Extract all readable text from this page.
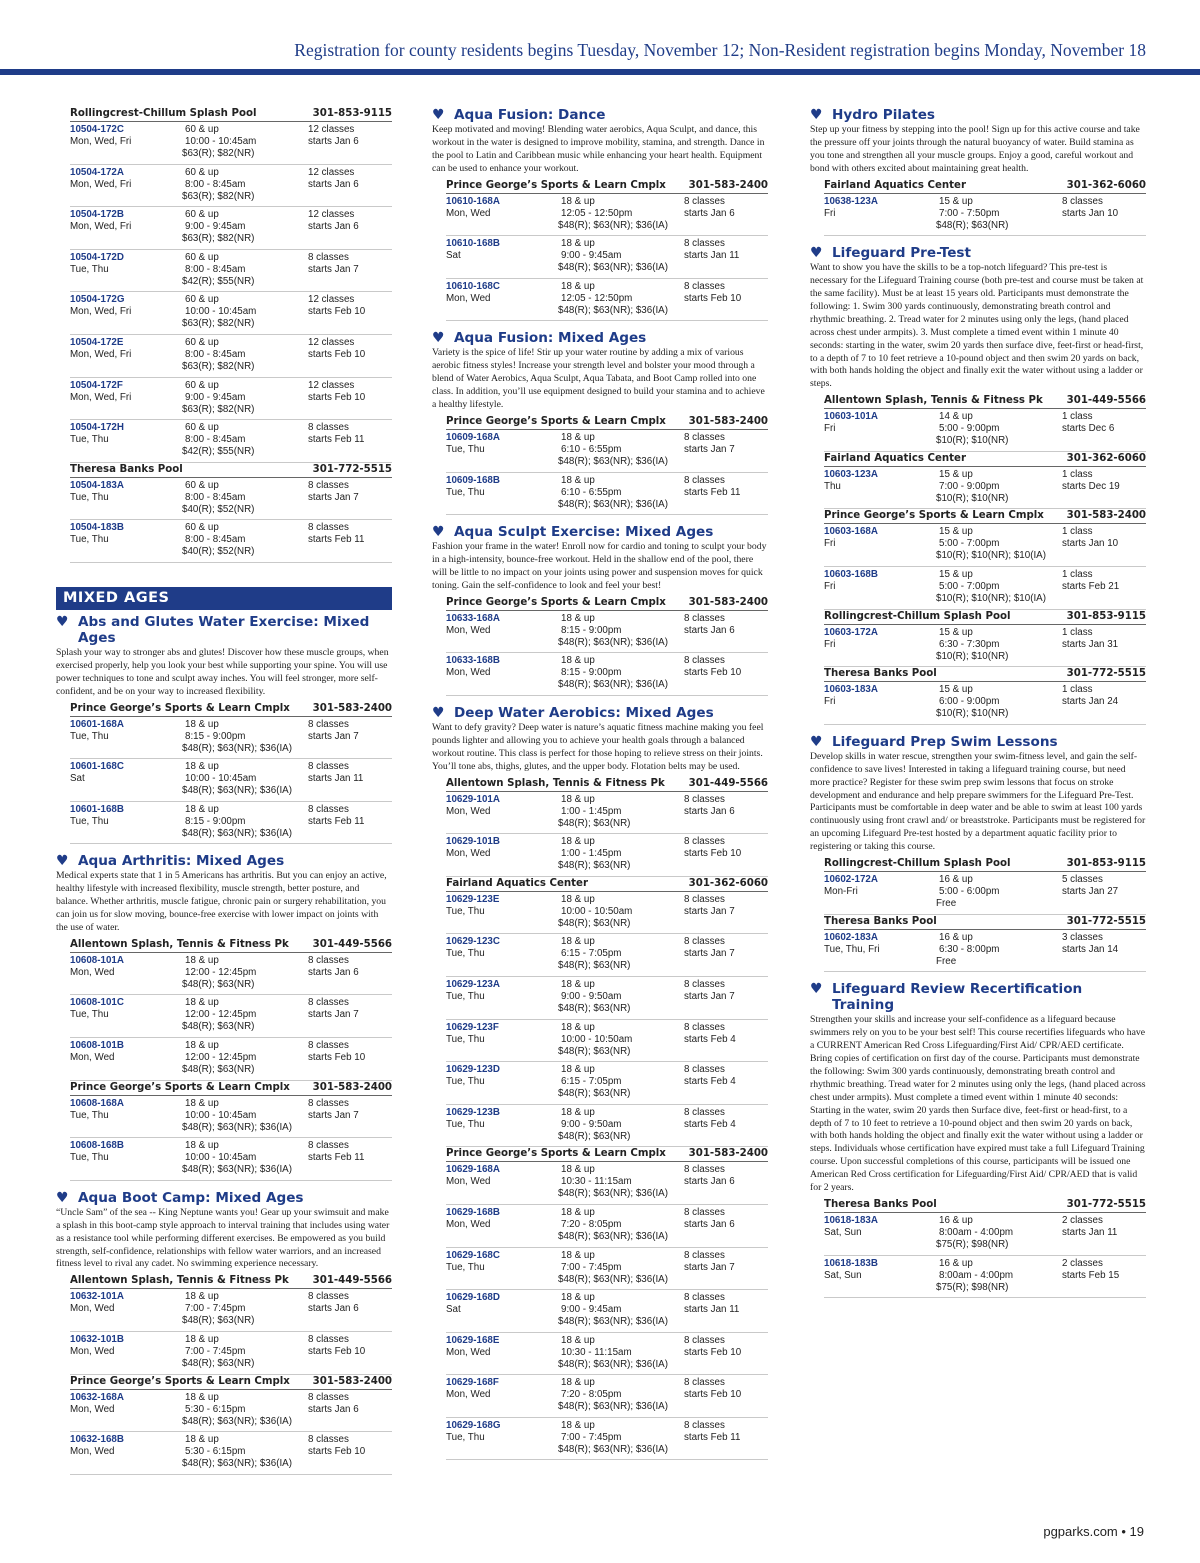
Registration for county residents begins Tuesday, November 12; Non-Resident registration begins Monday, November 18
Rollingcrest-Chillum Splash Pool	301-853-9115
10504-172C
Mon, Wed, Fri
60 & up
10:00 - 10:45am
$63(R); $82(NR)
12 classes
starts Jan 6
10504-172A
Mon, Wed, Fri
60 & up
8:00 - 8:45am
$63(R); $82(NR)
12 classes
starts Jan 6
10504-172B
Mon, Wed, Fri
60 & up
9:00 - 9:45am
$63(R); $82(NR)
12 classes
starts Jan 6
10504-172D
Tue, Thu
60 & up
8:00 - 8:45am
$42(R); $55(NR)
8 classes
starts Jan 7
10504-172G
Mon, Wed, Fri
60 & up
10:00 - 10:45am
$63(R); $82(NR)
12 classes
starts Feb 10
10504-172E
Mon, Wed, Fri
60 & up
8:00 - 8:45am
$63(R); $82(NR)
12 classes
starts Feb 10
10504-172F
Mon, Wed, Fri
60 & up
9:00 - 9:45am
$63(R); $82(NR)
12 classes
starts Feb 10
10504-172H
Tue, Thu
60 & up
8:00 - 8:45am
$42(R); $55(NR)
8 classes
starts Feb 11
Theresa Banks Pool	301-772-5515
10504-183A
Tue, Thu
60 & up
8:00 - 8:45am
$40(R); $52(NR)
8 classes
starts Jan 7
10504-183B
Tue, Thu
60 & up
8:00 - 8:45am
$40(R); $52(NR)
8 classes
starts Feb 11
MIXED AGES
♥ Abs and Glutes Water Exercise: Mixed Ages
Splash your way to stronger abs and glutes! Discover how these muscle groups, when exercised properly, help you look your best while supporting your spine. You will use power techniques to tone and sculpt away inches. You will feel stronger, more self-confident, and be on your way to increased flexibility.
Prince George’s Sports & Learn Cmplx 301-583-2400
10601-168A
Tue, Thu
18 & up
8:15 - 9:00pm
$48(R); $63(NR); $36(IA)
8 classes
starts Jan 7
10601-168C
Sat
18 & up
10:00 - 10:45am
$48(R); $63(NR); $36(IA)
8 classes
starts Jan 11
10601-168B
Tue, Thu
18 & up
8:15 - 9:00pm
$48(R); $63(NR); $36(IA)
8 classes
starts Feb 11
♥ Aqua Arthritis: Mixed Ages
Medical experts state that 1 in 5 Americans has arthritis. But you can enjoy an active, healthy lifestyle with increased flexibility, muscle strength, better posture, and balance. Whether arthritis, muscle fatigue, chronic pain or surgery rehabilitation, you can join us for slow moving, bounce-free exercise with lower impact on joints with the use of water.
Allentown Splash, Tennis & Fitness Pk 301-449-5566
10608-101A
Mon, Wed
18 & up
12:00 - 12:45pm
$48(R); $63(NR)
8 classes
starts Jan 6
10608-101C
Tue, Thu
18 & up
12:00 - 12:45pm
$48(R); $63(NR)
8 classes
starts Jan 7
10608-101B
Mon, Wed
18 & up
12:00 - 12:45pm
$48(R); $63(NR)
8 classes
starts Feb 10
Prince George’s Sports & Learn Cmplx 301-583-2400
10608-168A
Tue, Thu
18 & up
10:00 - 10:45am
$48(R); $63(NR); $36(IA)
8 classes
starts Jan 7
10608-168B
Tue, Thu
18 & up
10:00 - 10:45am
$48(R); $63(NR); $36(IA)
8 classes
starts Feb 11
♥ Aqua Boot Camp: Mixed Ages
“Uncle Sam” of the sea -- King Neptune wants you! Gear up your swimsuit and make a splash in this boot-camp style approach to interval training that includes using water as a resistance tool while performing different exercises. Be empowered as you build strength, self-confidence, relationships with fellow water warriors, and an increased fitness level to rival any cadet. No swimming experience necessary.
Allentown Splash, Tennis & Fitness Pk 301-449-5566
10632-101A
Mon, Wed
18 & up
7:00 - 7:45pm
$48(R); $63(NR)
8 classes
starts Jan 6
10632-101B
Mon, Wed
18 & up
7:00 - 7:45pm
$48(R); $63(NR)
8 classes
starts Feb 10
Prince George’s Sports & Learn Cmplx 301-583-2400
10632-168A
Mon, Wed
18 & up
5:30 - 6:15pm
$48(R); $63(NR); $36(IA)
8 classes
starts Jan 6
10632-168B
Mon, Wed
18 & up
5:30 - 6:15pm
$48(R); $63(NR); $36(IA)
8 classes
starts Feb 10
♥ Aqua Fusion: Dance
Keep motivated and moving! Blending water aerobics, Aqua Sculpt, and dance, this workout in the water is designed to improve mobility, stamina, and strength. Dance in the pool to Latin and Caribbean music while enhancing your heart health. Equipment can be used to enhance your workout.
Prince George’s Sports & Learn Cmplx 301-583-2400
10610-168A
Mon, Wed
18 & up
12:05 - 12:50pm
$48(R); $63(NR); $36(IA)
8 classes
starts Jan 6
10610-168B
Sat
18 & up
9:00 - 9:45am
$48(R); $63(NR); $36(IA)
8 classes
starts Jan 11
10610-168C
Mon, Wed
18 & up
12:05 - 12:50pm
$48(R); $63(NR); $36(IA)
8 classes
starts Feb 10
♥ Aqua Fusion: Mixed Ages
Variety is the spice of life! Stir up your water routine by adding a mix of various aerobic fitness styles! Increase your strength level and bolster your mood through a blend of Water Aerobics, Aqua Sculpt, Aqua Tabata, and Boot Camp rolled into one class. In addition, you’ll use equipment designed to build your stamina and to achieve a healthy lifestyle.
Prince George’s Sports & Learn Cmplx 301-583-2400
10609-168A
Tue, Thu
18 & up
6:10 - 6:55pm
$48(R); $63(NR); $36(IA)
8 classes
starts Jan 7
10609-168B
Tue, Thu
18 & up
6:10 - 6:55pm
$48(R); $63(NR); $36(IA)
8 classes
starts Feb 11
♥ Aqua Sculpt Exercise: Mixed Ages
Fashion your frame in the water! Enroll now for cardio and toning to sculpt your body in a high-intensity, bounce-free workout. Held in the shallow end of the pool, there will be little to no impact on your joints using power and suspension moves for quick toning. Gain the self-confidence to look and feel your best!
Prince George’s Sports & Learn Cmplx 301-583-2400
10633-168A
Mon, Wed
18 & up
8:15 - 9:00pm
$48(R); $63(NR); $36(IA)
8 classes
starts Jan 6
10633-168B
Mon, Wed
18 & up
8:15 - 9:00pm
$48(R); $63(NR); $36(IA)
8 classes
starts Feb 10
♥ Deep Water Aerobics: Mixed Ages
Want to defy gravity? Deep water is nature’s aquatic fitness machine making you feel pounds lighter and allowing you to achieve your health goals through a balanced workout routine. This class is perfect for those hoping to relieve stress on their joints. You’ll tone abs, thighs, glutes, and the upper body. Flotation belts may be used.
Allentown Splash, Tennis & Fitness Pk 301-449-5566
10629-101A
Mon, Wed
18 & up
1:00 - 1:45pm
$48(R); $63(NR)
8 classes
starts Jan 6
10629-101B
Mon, Wed
18 & up
1:00 - 1:45pm
$48(R); $63(NR)
8 classes
starts Feb 10
Fairland Aquatics Center	301-362-6060
10629-123E
Tue, Thu
18 & up
10:00 - 10:50am
$48(R); $63(NR)
8 classes
starts Jan 7
10629-123C
Tue, Thu
18 & up
6:15 - 7:05pm
$48(R); $63(NR)
8 classes
starts Jan 7
10629-123A
Tue, Thu
18 & up
9:00 - 9:50am
$48(R); $63(NR)
8 classes
starts Jan 7
10629-123F
Tue, Thu
18 & up
10:00 - 10:50am
$48(R); $63(NR)
8 classes
starts Feb 4
10629-123D
Tue, Thu
18 & up
6:15 - 7:05pm
$48(R); $63(NR)
8 classes
starts Feb 4
10629-123B
Tue, Thu
18 & up
9:00 - 9:50am
$48(R); $63(NR)
8 classes
starts Feb 4
Prince George’s Sports & Learn Cmplx 301-583-2400
10629-168A
Mon, Wed
18 & up
10:30 - 11:15am
$48(R); $63(NR); $36(IA)
8 classes
starts Jan 6
10629-168B
Mon, Wed
18 & up
7:20 - 8:05pm
$48(R); $63(NR); $36(IA)
8 classes
starts Jan 6
10629-168C
Tue, Thu
18 & up
7:00 - 7:45pm
$48(R); $63(NR); $36(IA)
8 classes
starts Jan 7
10629-168D
Sat
18 & up
9:00 - 9:45am
$48(R); $63(NR); $36(IA)
8 classes
starts Jan 11
10629-168E
Mon, Wed
18 & up
10:30 - 11:15am
$48(R); $63(NR); $36(IA)
8 classes
starts Feb 10
10629-168F
Mon, Wed
18 & up
7:20 - 8:05pm
$48(R); $63(NR); $36(IA)
8 classes
starts Feb 10
10629-168G
Tue, Thu
18 & up
7:00 - 7:45pm
$48(R); $63(NR); $36(IA)
8 classes
starts Feb 11
♥ Hydro Pilates
Step up your fitness by stepping into the pool! Sign up for this active course and take the pressure off your joints through the natural buoyancy of water. Build stamina as you tone and strengthen all your muscle groups. Enjoy a good, careful workout and bond with others excited about maintaining great health.
Fairland Aquatics Center	301-362-6060
10638-123A
Fri
15 & up
7:00 - 7:50pm
$48(R); $63(NR)
8 classes
starts Jan 10
♥ Lifeguard Pre-Test
Want to show you have the skills to be a top-notch lifeguard? This pre-test is necessary for the Lifeguard Training course (both pre-test and course must be taken at the same facility). Must be at least 15 years old. Participants must demonstrate the following: 1. Swim 300 yards continuously, demonstrating breath control and rhythmic breathing. 2. Tread water for 2 minutes using only the legs, (hand placed across chest under armpits). 3. Must complete a timed event within 1 minute 40 seconds: starting in the water, swim 20 yards then surface dive, feet-first or head-first, to a depth of 7 to 10 feet retrieve a 10-pound object and then swim 20 yards on back, with both hands holding the object and finally exit the water without using a ladder or steps.
Allentown Splash, Tennis & Fitness Pk 301-449-5566
10603-101A
Fri
14 & up
5:00 - 9:00pm
$10(R); $10(NR)
1 class
starts Dec 6
Fairland Aquatics Center	301-362-6060
10603-123A
Thu
15 & up
7:00 - 9:00pm
$10(R); $10(NR)
1 class
starts Dec 19
Prince George’s Sports & Learn Cmplx 301-583-2400
10603-168A
Fri
15 & up
5:00 - 7:00pm
$10(R); $10(NR); $10(IA)
1 class
starts Jan 10
10603-168B
Fri
15 & up
5:00 - 7:00pm
$10(R); $10(NR); $10(IA)
1 class
starts Feb 21
Rollingcrest-Chillum Splash Pool	301-853-9115
10603-172A
Fri
15 & up
6:30 - 7:30pm
$10(R); $10(NR)
1 class
starts Jan 31
Theresa Banks Pool	301-772-5515
10603-183A
Fri
15 & up
6:00 - 9:00pm
$10(R); $10(NR)
1 class
starts Jan 24
♥ Lifeguard Prep Swim Lessons
Develop skills in water rescue, strengthen your swim-fitness level, and gain the self-confidence to save lives! Interested in taking a lifeguard training course, but need more practice? Register for these swim prep swim lessons that focus on stroke development and endurance and help prepare swimmers for the Lifeguard Pre-Test. Participants must be comfortable in deep water and be able to swim at least 100 yards continuously using front crawl and/ or breaststroke. Participants must be registered for an upcoming Lifeguard Pre-test hosted by a department aquatic facility prior to registering or taking this course.
Rollingcrest-Chillum Splash Pool	301-853-9115
10602-172A
Mon-Fri
16 & up
5:00 - 6:00pm
Free
5 classes
starts Jan 27
Theresa Banks Pool	301-772-5515
10602-183A
Tue, Thu, Fri
16 & up
6:30 - 8:00pm
Free
3 classes
starts Jan 14
♥ Lifeguard Review Recertification Training
Strengthen your skills and increase your self-confidence as a lifeguard because swimmers rely on you to be your best self! This course recertifies lifeguards who have a CURRENT American Red Cross Lifeguarding/First Aid/ CPR/AED certificate. Bring copies of certification on first day of the course. Participants must demonstrate the following: Swim 300 yards continuously, demonstrating breath control and rhythmic breathing. Tread water for 2 minutes using only the legs, (hand placed across chest under armpits). Must complete a timed event within 1 minute 40 seconds: Starting in the water, swim 20 yards then Surface dive, feet-first or head-first, to a depth of 7 to 10 feet to retrieve a 10-pound object and then swim 20 yards on back, with both hands holding the object and finally exit the water without using a ladder or steps. Individuals whose certification have expired must take a full Lifeguard Training course. Upon successful completions of this course, participants will be issued one American Red Cross certification for Lifeguarding/First Aid/ CPR/AED that is valid for 2 years.
Theresa Banks Pool	301-772-5515
10618-183A
Sat, Sun
16 & up
8:00am - 4:00pm
$75(R); $98(NR)
2 classes
starts Jan 11
10618-183B
Sat, Sun
16 & up
8:00am - 4:00pm
$75(R); $98(NR)
2 classes
starts Feb 15
pgparks.com • 19
